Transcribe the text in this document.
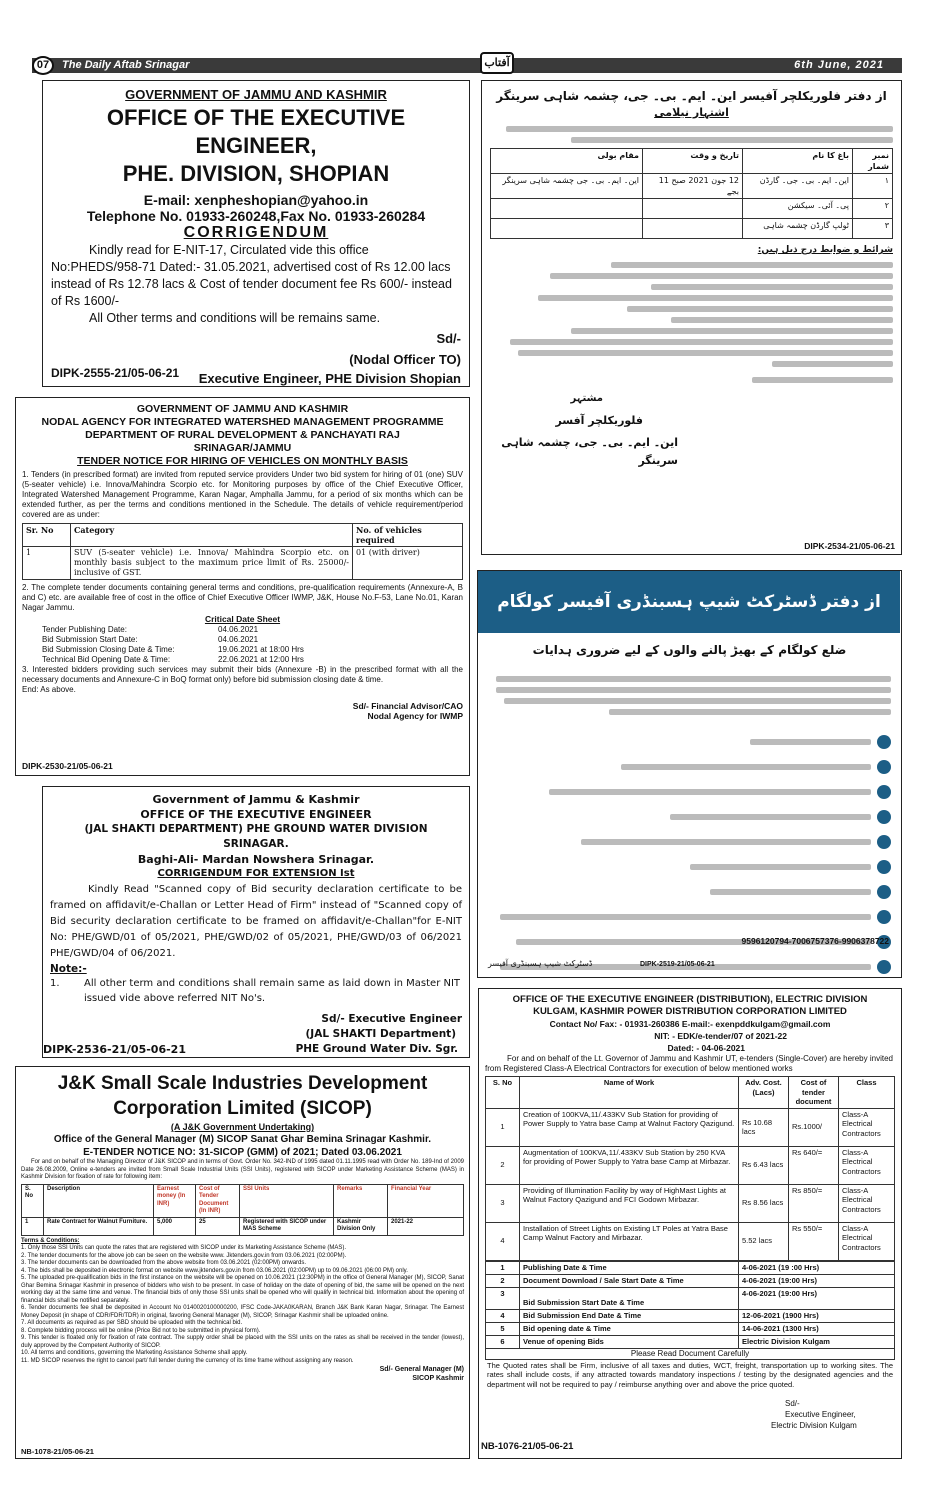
07	The Daily Aftab Srinagar	آفتاب	6th June, 2021
GOVERNMENT OF JAMMU AND KASHMIR
OFFICE OF THE EXECUTIVE ENGINEER,
PHE. DIVISION, SHOPIAN
E-mail: xenpheshopian@yahoo.in
Telephone No. 01933-260248,Fax No. 01933-260284
CORRIGENDUM
Kindly read for E-NIT-17, Circulated vide this office No:PHEDS/958-71 Dated:- 31.05.2021, advertised cost of Rs 12.00 lacs instead of Rs 12.78 lacs & Cost of tender document fee Rs 600/- instead of Rs 1600/-
All Other terms and conditions will be remains same.
Sd/-
(Nodal Officer TO)
Executive Engineer, PHE Division Shopian
DIPK-2555-21/05-06-21
GOVERNMENT OF JAMMU AND KASHMIR
NODAL AGENCY FOR INTEGRATED WATERSHED MANAGEMENT PROGRAMME
DEPARTMENT OF RURAL DEVELOPMENT & PANCHAYATI RAJ
SRINAGAR/JAMMU
TENDER NOTICE FOR HIRING OF VEHICLES ON MONTHLY BASIS
1. Tenders (in prescribed format) are invited from reputed service providers Under two bid system for hiring of 01 (one) SUV (5-seater vehicle) i.e. Innova/Mahindra Scorpio etc. for Monitoring purposes by office of the Chief Executive Officer, Integrated Watershed Management Programme, Karan Nagar, Amphalla Jammu, for a period of six months which can be extended further, as per the terms and conditions mentioned in the Schedule. The details of vehicle requirement/period covered are as under:
Sr. No	Category	No. of vehicles required
1	SUV (5-seater vehicle) i.e. Innova/ Mahindra Scorpio etc. on monthly basis subject to the maximum price limit of Rs. 25000/- inclusive of GST.	01 (with driver)
2. The complete tender documents containing general terms and conditions, pre-qualification requirements (Annexure-A, B and C) etc. are available free of cost in the office of Chief Executive Officer IWMP, J&K, House No.F-53, Lane No.01, Karan Nagar Jammu.
Critical Date Sheet
Tender Publishing Date:	04.06.2021
Bid Submission Start Date:	04.06.2021
Bid Submission Closing Date & Time:	19.06.2021 at 18:00 Hrs
Technical Bid Opening Date & Time:	22.06.2021 at 12:00 Hrs
3. Interested bidders providing such services may submit their bids (Annexure -B) in the prescribed format with all the necessary documents and Annexure-C in BoQ format only) before bid submission closing date & time.
End: As above.
Sd/- Financial Advisor/CAO
Nodal Agency for IWMP
DIPK-2530-21/05-06-21
Government of Jammu & Kashmir
OFFICE OF THE EXECUTIVE ENGINEER
(JAL SHAKTI DEPARTMENT) PHE GROUND WATER DIVISION SRINAGAR.
Baghi-Ali- Mardan Nowshera Srinagar.
CORRIGENDUM FOR EXTENSION Ist
Kindly Read "Scanned copy of Bid security declaration certificate to be framed on affidavit/e-Challan or Letter Head of Firm" instead of "Scanned copy of Bid security declaration certificate to be framed on affidavit/e-Challan"for E-NIT No: PHE/GWD/01 of 05/2021, PHE/GWD/02 of 05/2021, PHE/GWD/03 of 06/2021 PHE/GWD/04 of 06/2021.
Note:-
1.	All other term and conditions shall remain same as laid down in Master NIT issued vide above referred NIT No's.
Sd/- Executive Engineer
(JAL SHAKTI Department)
PHE Ground Water Div. Sgr.
DIPK-2536-21/05-06-21
J&K Small Scale Industries Development
Corporation Limited (SICOP)
(A J&K Government Undertaking)
Office of the General Manager (M) SICOP Sanat Ghar Bemina Srinagar Kashmir.
E-TENDER NOTICE NO: 31-SICOP (GMM) of 2021; Dated 03.06.2021
For and on behalf of the Managing Director of J&K SICOP and in terms of Govt. Order No. 342-IND of 1995 dated 01.11.1995 read with Order No. 189-Ind of 2009 Date 26.08.2009, Online e-tenders are invited from Small Scale Industrial Units (SSI Units), registered with SICOP under Marketing Assistance Scheme (MAS) in Kashmir Division for fixation of rate for following item:
S. No	Description	Earnest money (In INR)	Cost of Tender Document (In INR)	SSI Units	Remarks	Financial Year
1	Rate Contract for Walnut Furniture.	5,000	25	Registered with SICOP under MAS Scheme	Kashmir Division Only	2021-22
Terms & Conditions:
1. Only those SSI Units can quote the rates that are registered with SICOP under its Marketing Assistance Scheme (MAS).
2. The tender documents for the above job can be seen on the website www. Jktenders.gov.in from 03.06.2021 (02:00PM).
3. The tender documents can be downloaded from the above website from 03.06.2021 (02:00PM) onwards.
4. The bids shall be deposited in electronic format on website www.jktenders.gov.in from 03.06.2021 (02:00PM) up to 09.06.2021 (06:00 PM) only.
5. The uploaded pre-qualification bids in the first instance on the website will be opened on 10.06.2021 (12:30PM) in the office of General Manager (M), SICOP, Sanat Ghar Bemina Srinagar Kashmir in presence of bidders who wish to be present. In case of holiday on the date of opening of bid, the same will be opened on the next working day at the same time and venue. The financial bids of only those SSI units shall be opened who will qualify in technical bid. Information about the opening of financial bids shall be notified separately.
6. Tender documents fee shall be deposited in Account No 0140020100000200, IFSC Code-JAKA0KARAN, Branch J&K Bank Karan Nagar, Srinagar. The Earnest Money Deposit (in shape of CDR/FDR/TDR) in original, favoring General Manager (M), SICOP, Srinagar Kashmir shall be uploaded online.
7. All documents as required as per SBD should be uploaded with the technical bid.
8. Complete bidding process will be online (Price Bid not to be submitted in physical form).
9. This tender is floated only for fixation of rate contract. The supply order shall be placed with the SSI units on the rates as shall be received in the tender (lowest), duly approved by the Competent Authority of SICOP.
10. All terms and conditions, governing the Marketing Assistance Scheme shall apply.
11. MD SICOP reserves the right to cancel part/ full tender during the currency of its time frame without assigning any reason.
Sd/- General Manager (M)
SICOP Kashmir
NB-1078-21/05-06-21
از دفتر فلوریکلچر آفیسر این۔ ایم۔ بی۔ جی، چشمہ شاہی سرینگر
اشتہار نیلامی
نمبر شمار	باغ کا نام	تاریخ و وقت	مقام بولی
۱	این۔ ایم۔ بی۔ جی۔ گارڈن	12 جون 2021 صبح 11 بجے	این۔ ایم۔ بی۔ جی چشمہ شاہی سرینگر
۲	پی۔ آئی۔ سیکشن		
۳	ٹولپ گارڈن چشمہ شاہی		
شرائط و ضوابط درج ذیل ہیں:
مشتہر
فلوریکلچر آفسر
این۔ ایم۔ بی۔ جی، چشمہ شاہی سرینگر
DIPK-2534-21/05-06-21
از دفتر ڈسٹرکٹ شیپ ہسبنڈری آفیسر کولگام
ضلع کولگام کے بھیڑ پالنے والوں کے لیے ضروری ہدایات
9596120794-7006757376-9906378722
ڈسٹرکٹ شیپ ہسبنڈری آفیسر	DIPK-2519-21/05-06-21
OFFICE OF THE EXECUTIVE ENGINEER (DISTRIBUTION), ELECTRIC DIVISION
KULGAM, KASHMIR POWER DISTRIBUTION CORPORATION LIMITED
Contact No/ Fax: - 01931-260386 E-mail:- exenpddkulgam@gmail.com
NIT: - EDK/e-tender/07 of 2021-22
Dated: - 04-06-2021
For and on behalf of the Lt. Governor of Jammu and Kashmir UT, e-tenders (Single-Cover) are hereby invited from Registered Class-A Electrical Contractors for execution of below mentioned works
S. No	Name of Work	Adv. Cost. (Lacs)	Cost of tender document	Class
1	Creation of 100KVA,11/.433KV Sub Station for providing of Power Supply to Yatra base Camp at Walnut Factory Qazigund.	Rs 10.68 lacs	Rs.1000/	Class-A Electrical Contractors
2	Augmentation of 100KVA,11/.433KV Sub Station by 250 KVA for providing of Power Supply to Yatra base Camp at Mirbazar.	Rs 6.43 lacs	Rs 640/=	Class-A Electrical Contractors
3	Providing of Illumination Facility by way of HighMast Lights at Walnut Factory Qazigund and FCI Godown Mirbazar.	Rs 8.56 lacs	Rs 850/=	Class-A Electrical Contractors
4	Installation of Street Lights on Existing LT Poles at Yatra Base Camp Walnut Factory and Mirbazar.	5.52 lacs	Rs 550/=	Class-A Electrical Contractors
1	Publishing Date & Time	4-06-2021 (19 :00 Hrs)
2	Document Download / Sale Start Date & Time	4-06-2021 (19:00 Hrs)
3	Bid Submission Start Date & Time	4-06-2021 (19:00 Hrs)
4	Bid Submission End Date & Time	12-06-2021 (1900 Hrs)
5	Bid opening date & Time	14-06-2021 (1300 Hrs)
6	Venue of opening Bids	Electric Division Kulgam
Please Read Document Carefully
The Quoted rates shall be Firm, inclusive of all taxes and duties, WCT, freight, transportation up to working sites. The rates shall include costs, if any attracted towards mandatory inspections / testing by the designated agencies and the department will not be required to pay / reimburse anything over and above the price quoted.
Sd/-
Executive Engineer,
Electric Division Kulgam
NB-1076-21/05-06-21
